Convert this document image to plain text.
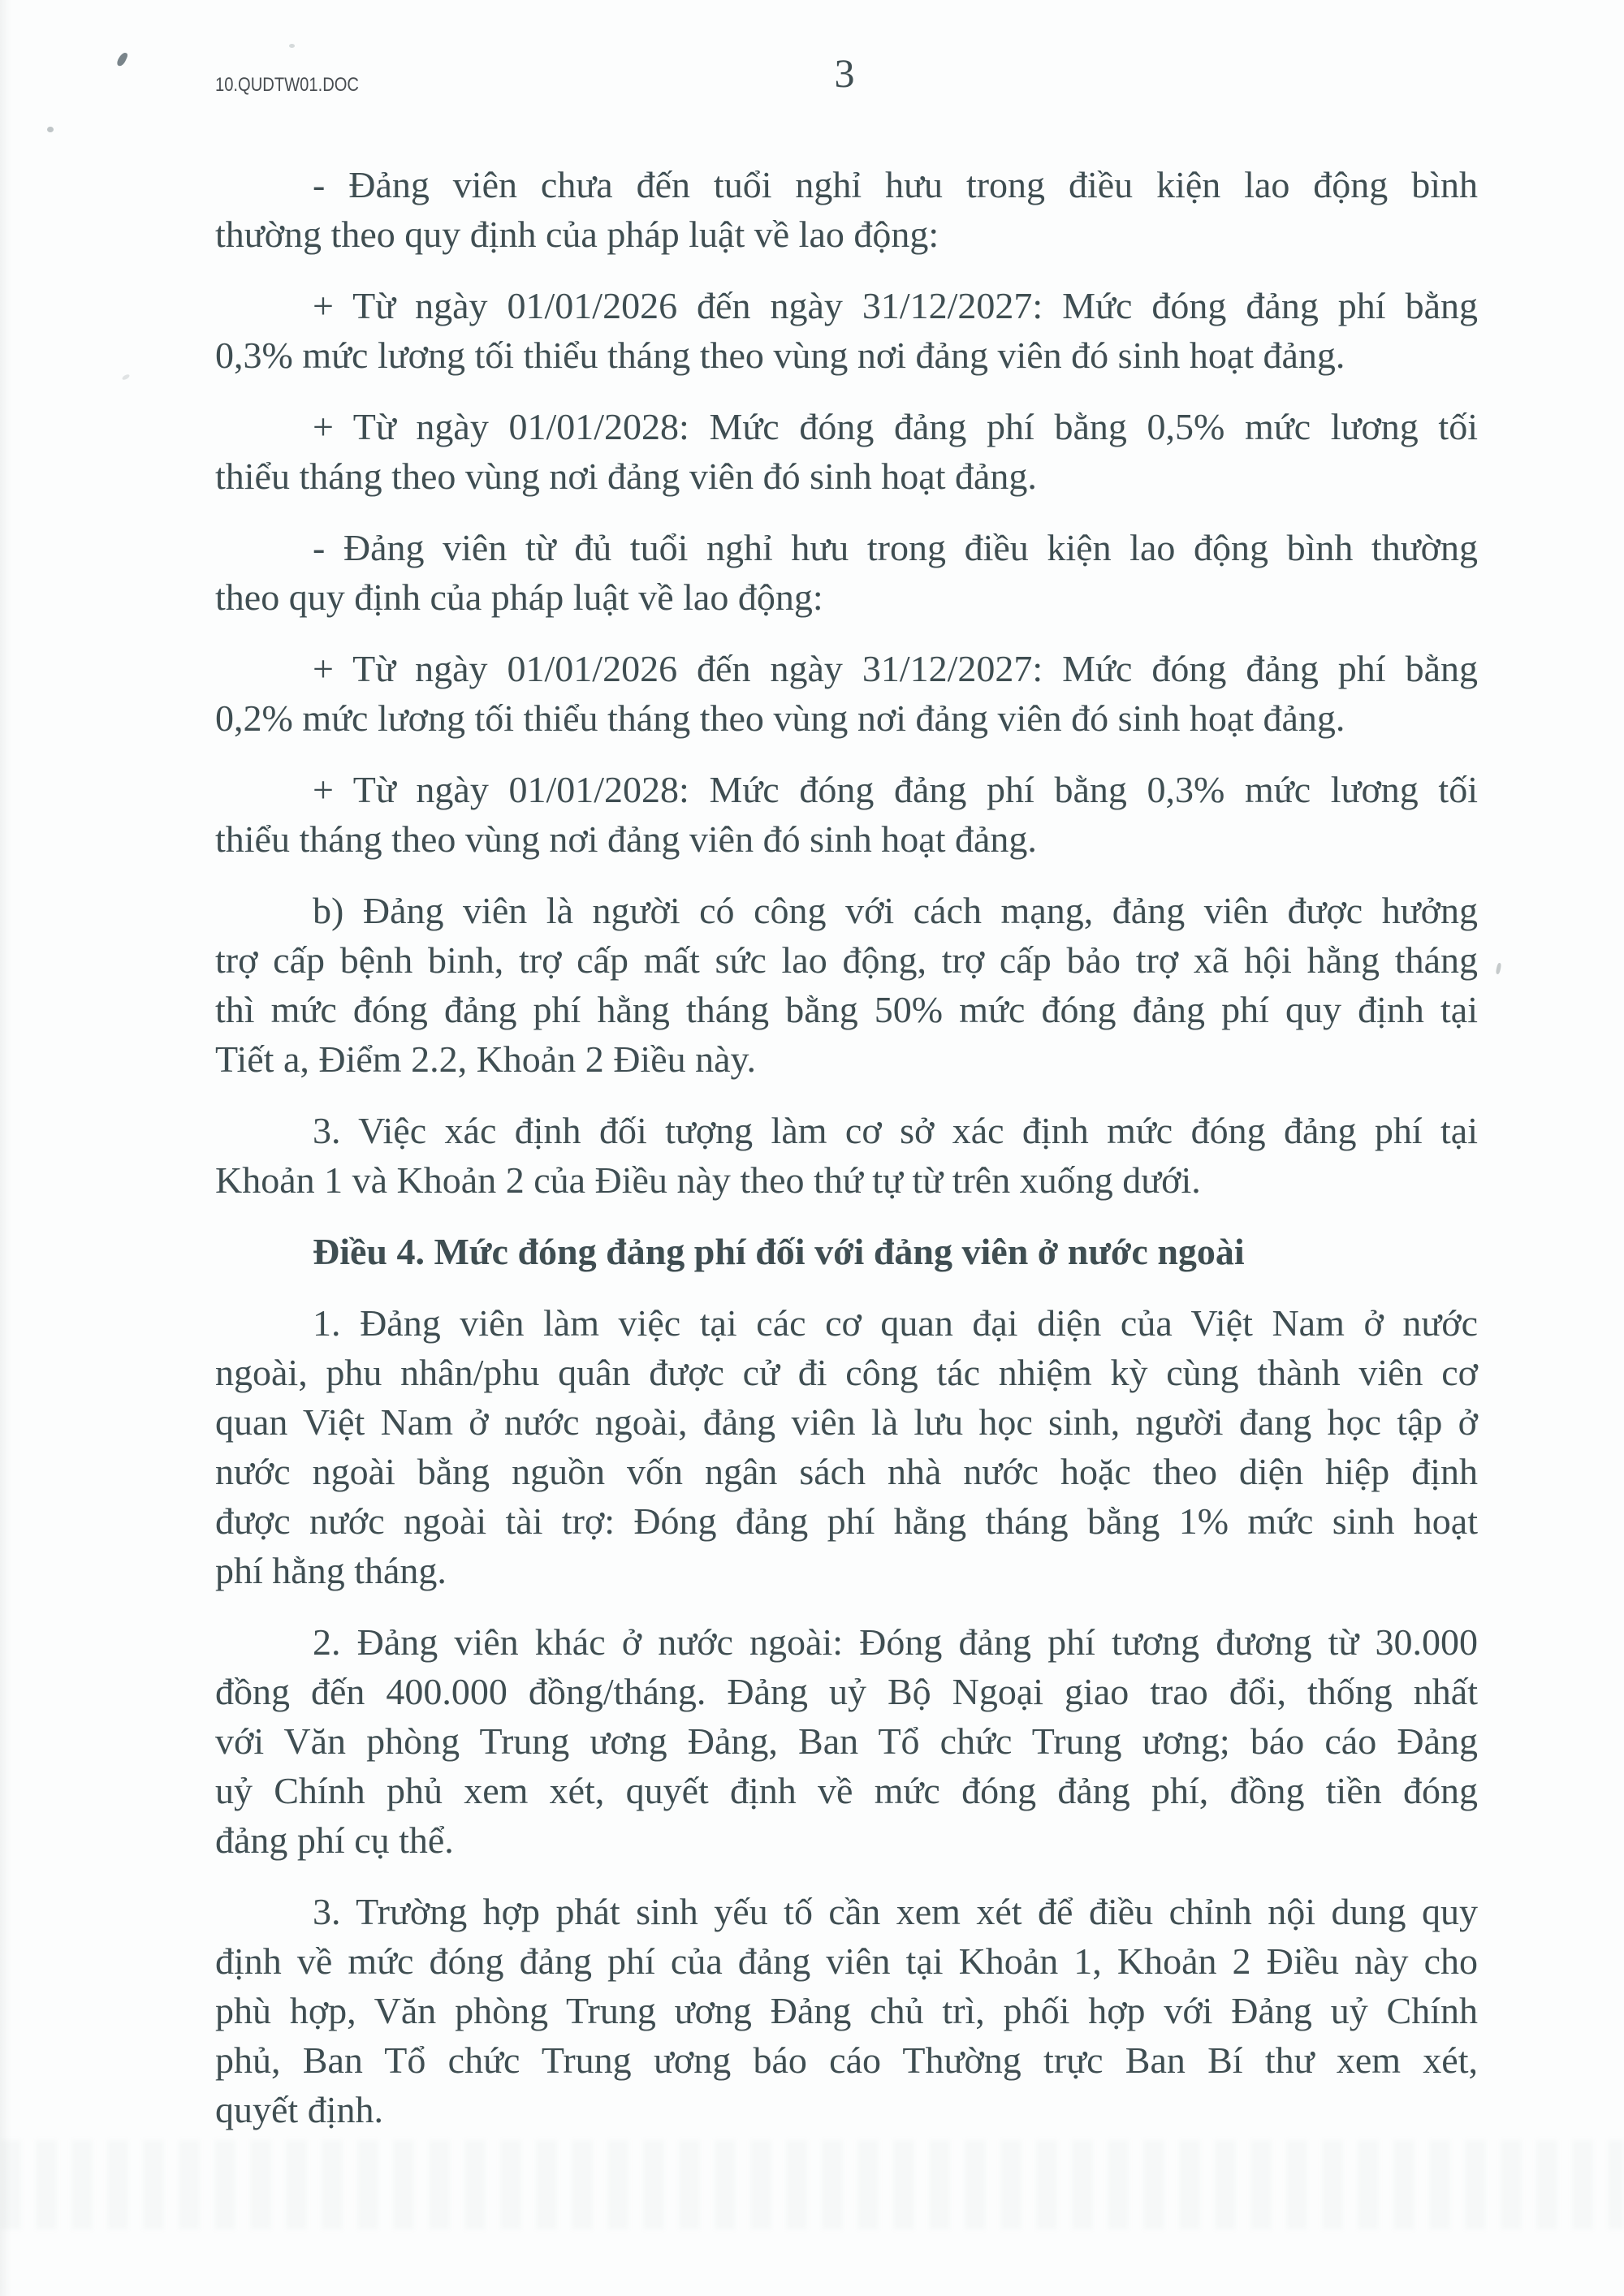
10.QUDTW01.DOC	3
- Đảng viên chưa đến tuổi nghỉ hưu trong điều kiện lao động bình
thường theo quy định của pháp luật về lao động:
+ Từ ngày 01/01/2026 đến ngày 31/12/2027: Mức đóng đảng phí bằng
0,3% mức lương tối thiểu tháng theo vùng nơi đảng viên đó sinh hoạt đảng.
+ Từ ngày 01/01/2028: Mức đóng đảng phí bằng 0,5% mức lương tối
thiểu tháng theo vùng nơi đảng viên đó sinh hoạt đảng.
- Đảng viên từ đủ tuổi nghỉ hưu trong điều kiện lao động bình thường
theo quy định của pháp luật về lao động:
+ Từ ngày 01/01/2026 đến ngày 31/12/2027: Mức đóng đảng phí bằng
0,2% mức lương tối thiểu tháng theo vùng nơi đảng viên đó sinh hoạt đảng.
+ Từ ngày 01/01/2028: Mức đóng đảng phí bằng 0,3% mức lương tối
thiểu tháng theo vùng nơi đảng viên đó sinh hoạt đảng.
b) Đảng viên là người có công với cách mạng, đảng viên được hưởng
trợ cấp bệnh binh, trợ cấp mất sức lao động, trợ cấp bảo trợ xã hội hằng tháng
thì mức đóng đảng phí hằng tháng bằng 50% mức đóng đảng phí quy định tại
Tiết a, Điểm 2.2, Khoản 2 Điều này.
3. Việc xác định đối tượng làm cơ sở xác định mức đóng đảng phí tại
Khoản 1 và Khoản 2 của Điều này theo thứ tự từ trên xuống dưới.
Điều 4. Mức đóng đảng phí đối với đảng viên ở nước ngoài
1. Đảng viên làm việc tại các cơ quan đại diện của Việt Nam ở nước
ngoài, phu nhân/phu quân được cử đi công tác nhiệm kỳ cùng thành viên cơ
quan Việt Nam ở nước ngoài, đảng viên là lưu học sinh, người đang học tập ở
nước ngoài bằng nguồn vốn ngân sách nhà nước hoặc theo diện hiệp định
được nước ngoài tài trợ: Đóng đảng phí hằng tháng bằng 1% mức sinh hoạt
phí hằng tháng.
2. Đảng viên khác ở nước ngoài: Đóng đảng phí tương đương từ 30.000
đồng đến 400.000 đồng/tháng. Đảng uỷ Bộ Ngoại giao trao đổi, thống nhất
với Văn phòng Trung ương Đảng, Ban Tổ chức Trung ương; báo cáo Đảng
uỷ Chính phủ xem xét, quyết định về mức đóng đảng phí, đồng tiền đóng
đảng phí cụ thể.
3. Trường hợp phát sinh yếu tố cần xem xét để điều chỉnh nội dung quy
định về mức đóng đảng phí của đảng viên tại Khoản 1, Khoản 2 Điều này cho
phù hợp, Văn phòng Trung ương Đảng chủ trì, phối hợp với Đảng uỷ Chính
phủ, Ban Tổ chức Trung ương báo cáo Thường trực Ban Bí thư xem xét,
quyết định.
